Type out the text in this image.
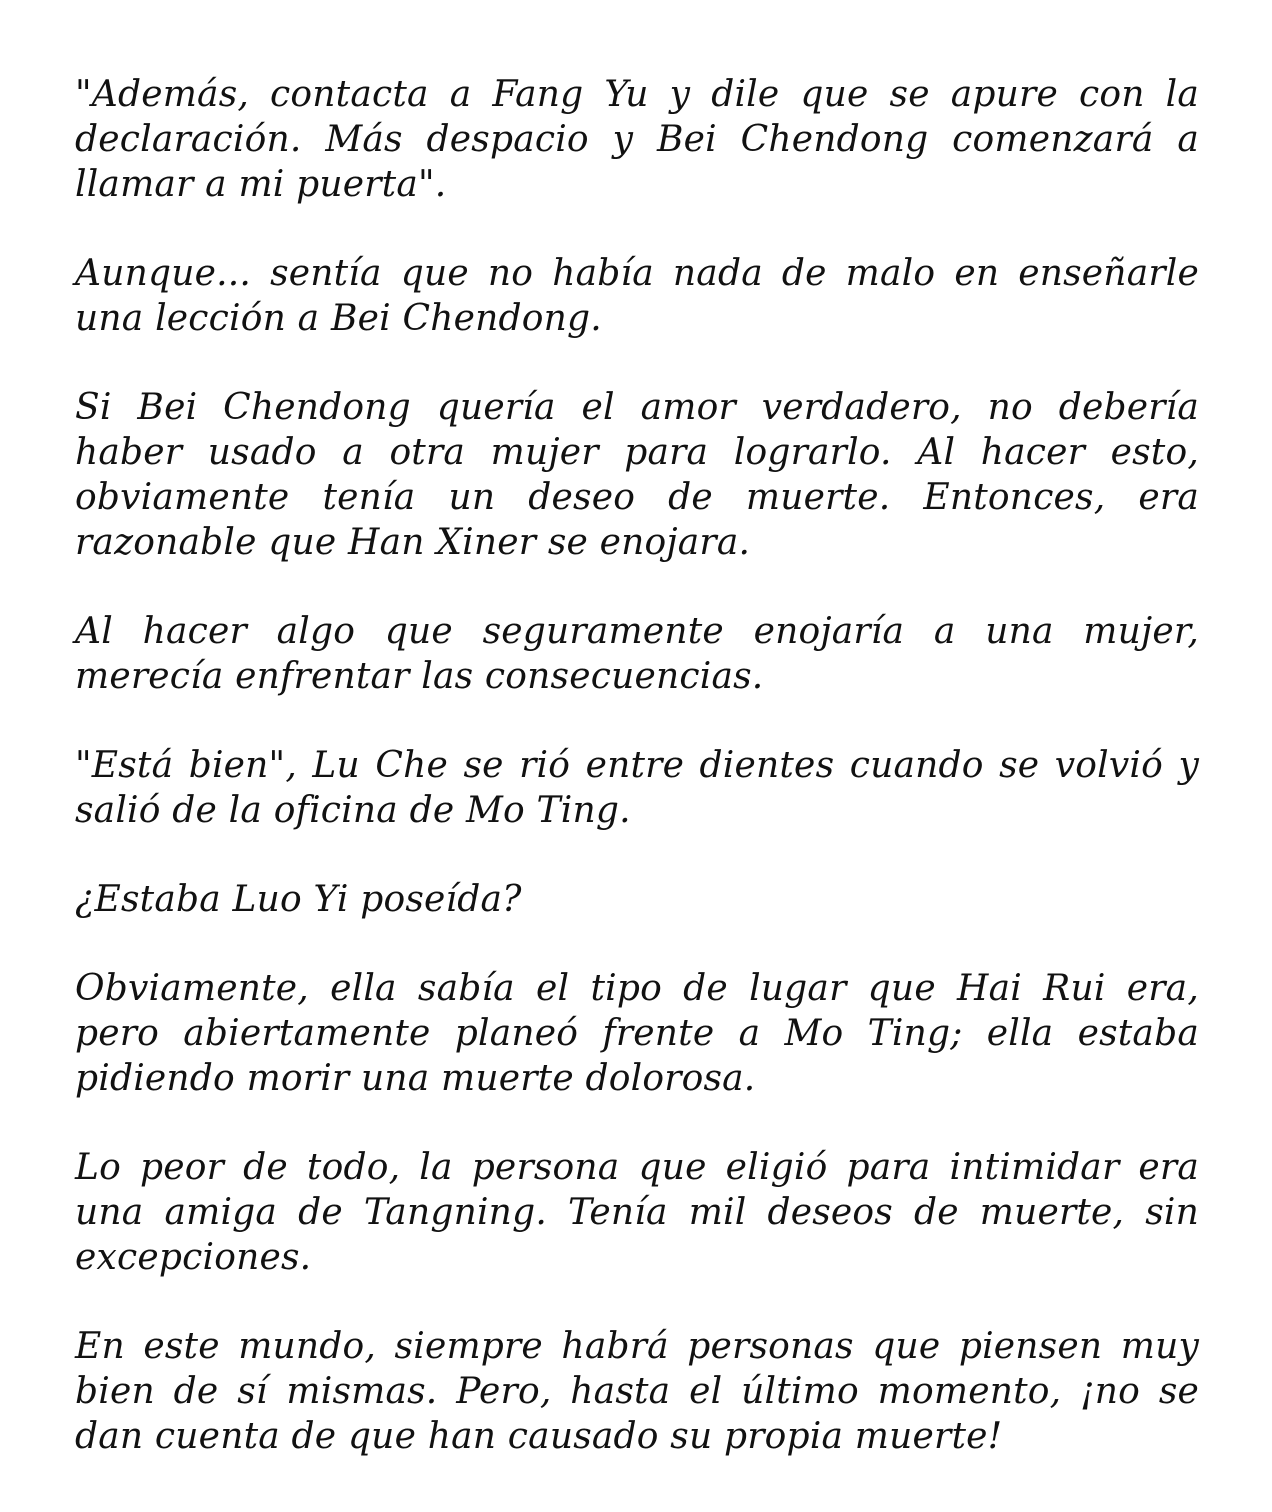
"Además, contacta a Fang Yu y dile que se apure con la declaración. Más despacio y Bei Chendong comenzará a llamar a mi puerta".

Aunque... sentía que no había nada de malo en enseñarle una lección a Bei Chendong.

Si Bei Chendong quería el amor verdadero, no debería haber usado a otra mujer para lograrlo. Al hacer esto, obviamente tenía un deseo de muerte. Entonces, era razonable que Han Xiner se enojara.

Al hacer algo que seguramente enojaría a una mujer, merecía enfrentar las consecuencias.

"Está bien", Lu Che se rió entre dientes cuando se volvió y salió de la oficina de Mo Ting.

¿Estaba Luo Yi poseída?

Obviamente, ella sabía el tipo de lugar que Hai Rui era, pero abiertamente planeó frente a Mo Ting; ella estaba pidiendo morir una muerte dolorosa.

Lo peor de todo, la persona que eligió para intimidar era una amiga de Tangning. Tenía mil deseos de muerte, sin excepciones.

En este mundo, siempre habrá personas que piensen muy bien de sí mismas. Pero, hasta el último momento, ¡no se dan cuenta de que han causado su propia muerte!
